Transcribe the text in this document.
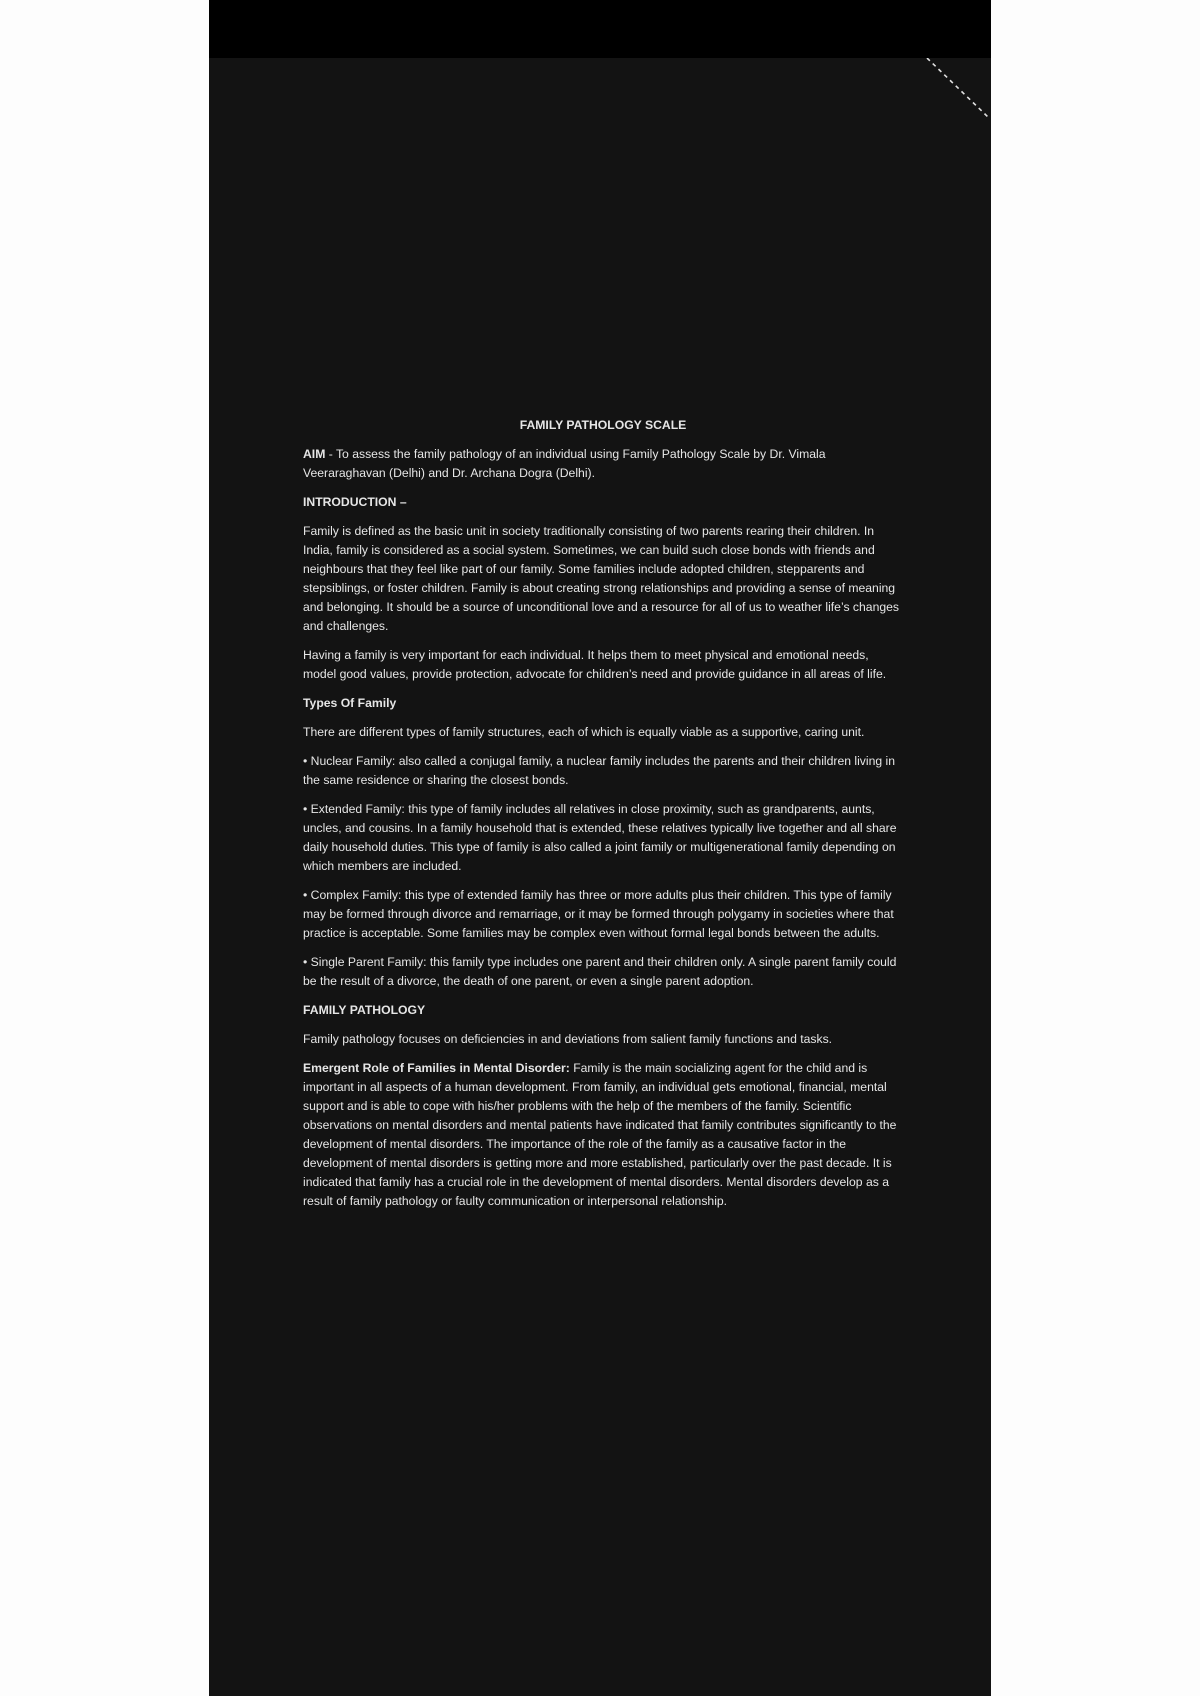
FAMILY PATHOLOGY SCALE
AIM - To assess the family pathology of an individual using Family Pathology Scale by Dr. Vimala Veeraraghavan (Delhi) and Dr. Archana Dogra (Delhi).
INTRODUCTION –
Family is defined as the basic unit in society traditionally consisting of two parents rearing their children. In India, family is considered as a social system. Sometimes, we can build such close bonds with friends and neighbours that they feel like part of our family. Some families include adopted children, stepparents and stepsiblings, or foster children. Family is about creating strong relationships and providing a sense of meaning and belonging. It should be a source of unconditional love and a resource for all of us to weather life’s changes and challenges.
Having a family is very important for each individual. It helps them to meet physical and emotional needs, model good values, provide protection, advocate for children’s need and provide guidance in all areas of life.
Types Of Family
There are different types of family structures, each of which is equally viable as a supportive, caring unit.
• Nuclear Family: also called a conjugal family, a nuclear family includes the parents and their children living in the same residence or sharing the closest bonds.
• Extended Family: this type of family includes all relatives in close proximity, such as grandparents, aunts, uncles, and cousins. In a family household that is extended, these relatives typically live together and all share daily household duties. This type of family is also called a joint family or multigenerational family depending on which members are included.
• Complex Family: this type of extended family has three or more adults plus their children. This type of family may be formed through divorce and remarriage, or it may be formed through polygamy in societies where that practice is acceptable. Some families may be complex even without formal legal bonds between the adults.
• Single Parent Family: this family type includes one parent and their children only. A single parent family could be the result of a divorce, the death of one parent, or even a single parent adoption.
FAMILY PATHOLOGY
Family pathology focuses on deficiencies in and deviations from salient family functions and tasks.
Emergent Role of Families in Mental Disorder: Family is the main socializing agent for the child and is important in all aspects of a human development. From family, an individual gets emotional, financial, mental support and is able to cope with his/her problems with the help of the members of the family. Scientific observations on mental disorders and mental patients have indicated that family contributes significantly to the development of mental disorders. The importance of the role of the family as a causative factor in the development of mental disorders is getting more and more established, particularly over the past decade. It is indicated that family has a crucial role in the development of mental disorders. Mental disorders develop as a result of family pathology or faulty communication or interpersonal relationship.
